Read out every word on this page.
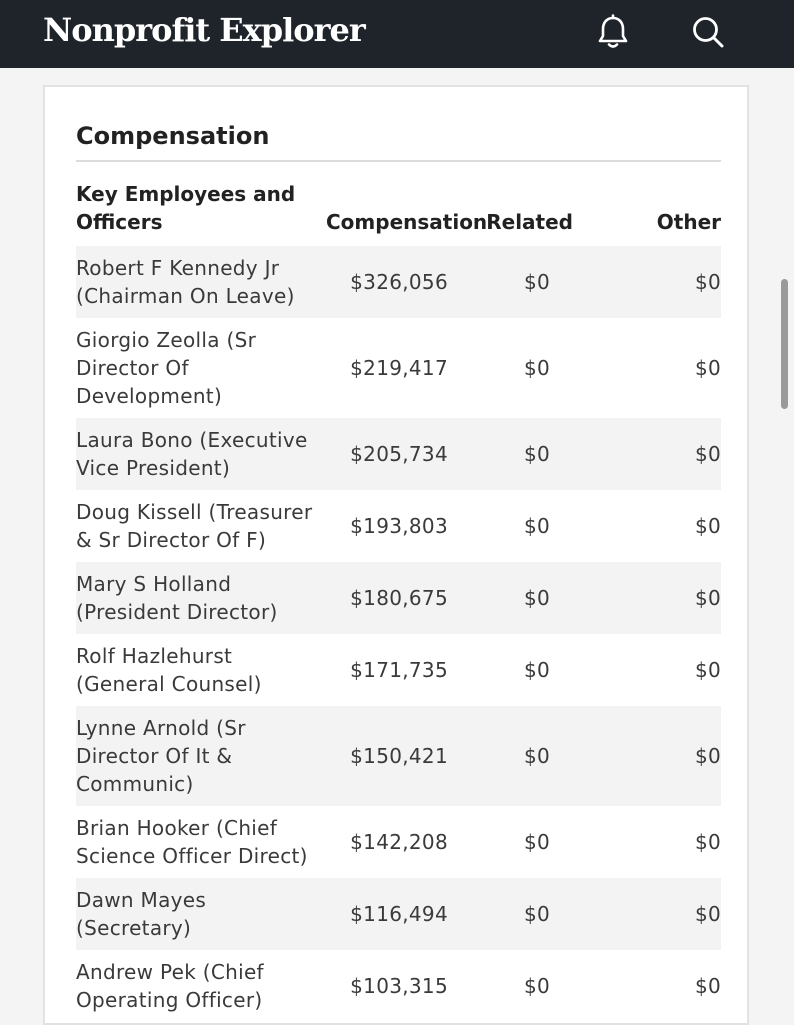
Nonprofit Explorer
Compensation
Key Employees and Officers	Compensation	Related	Other
Robert F Kennedy Jr (Chairman On Leave)	$326,056	$0	$0
Giorgio Zeolla (Sr Director Of Development)	$219,417	$0	$0
Laura Bono (Executive Vice President)	$205,734	$0	$0
Doug Kissell (Treasurer & Sr Director Of F)	$193,803	$0	$0
Mary S Holland (President Director)	$180,675	$0	$0
Rolf Hazlehurst (General Counsel)	$171,735	$0	$0
Lynne Arnold (Sr Director Of It & Communic)	$150,421	$0	$0
Brian Hooker (Chief Science Officer Direct)	$142,208	$0	$0
Dawn Mayes (Secretary)	$116,494	$0	$0
Andrew Pek (Chief Operating Officer)	$103,315	$0	$0
